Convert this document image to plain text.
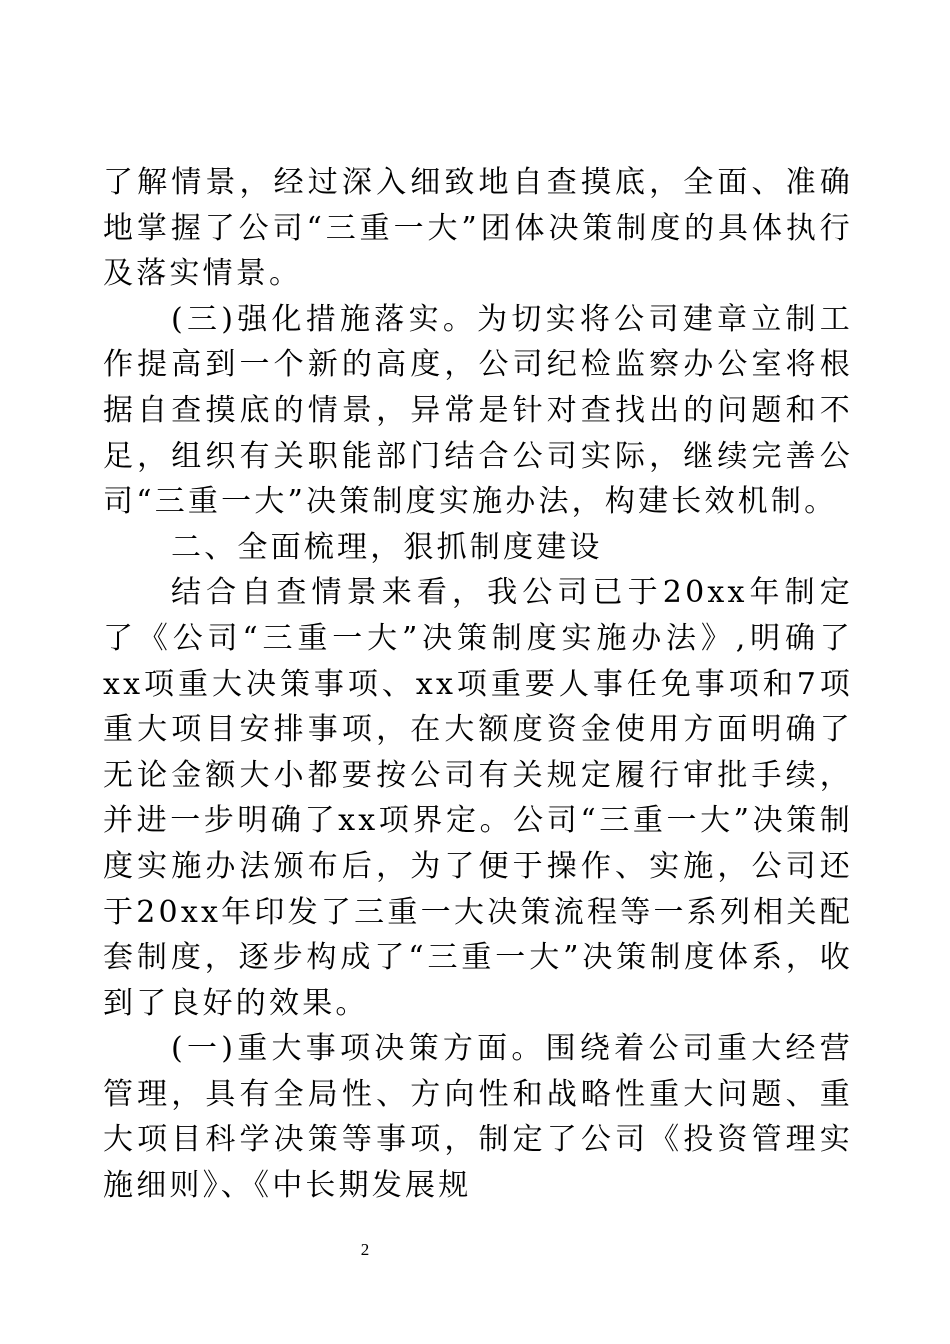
了解情景，经过深入细致地自查摸底，全面、准确地掌握了公司“三重一大”团体决策制度的具体执行及落实情景。

(三)强化措施落实。为切实将公司建章立制工作提高到一个新的高度，公司纪检监察办公室将根据自查摸底的情景，异常是针对查找出的问题和不足，组织有关职能部门结合公司实际，继续完善公司“三重一大”决策制度实施办法，构建长效机制。

二、全面梳理，狠抓制度建设

结合自查情景来看，我公司已于20xx年制定了《公司“三重一大”决策制度实施办法》,明确了xx项重大决策事项、xx项重要人事任免事项和7项重大项目安排事项，在大额度资金使用方面明确了无论金额大小都要按公司有关规定履行审批手续，并进一步明确了xx项界定。公司“三重一大”决策制度实施办法颁布后，为了便于操作、实施，公司还于20xx年印发了三重一大决策流程等一系列相关配套制度，逐步构成了“三重一大”决策制度体系，收到了良好的效果。

(一)重大事项决策方面。围绕着公司重大经营管理，具有全局性、方向性和战略性重大问题、重大项目科学决策等事项，制定了公司《投资管理实施细则》、《中长期发展规

2
